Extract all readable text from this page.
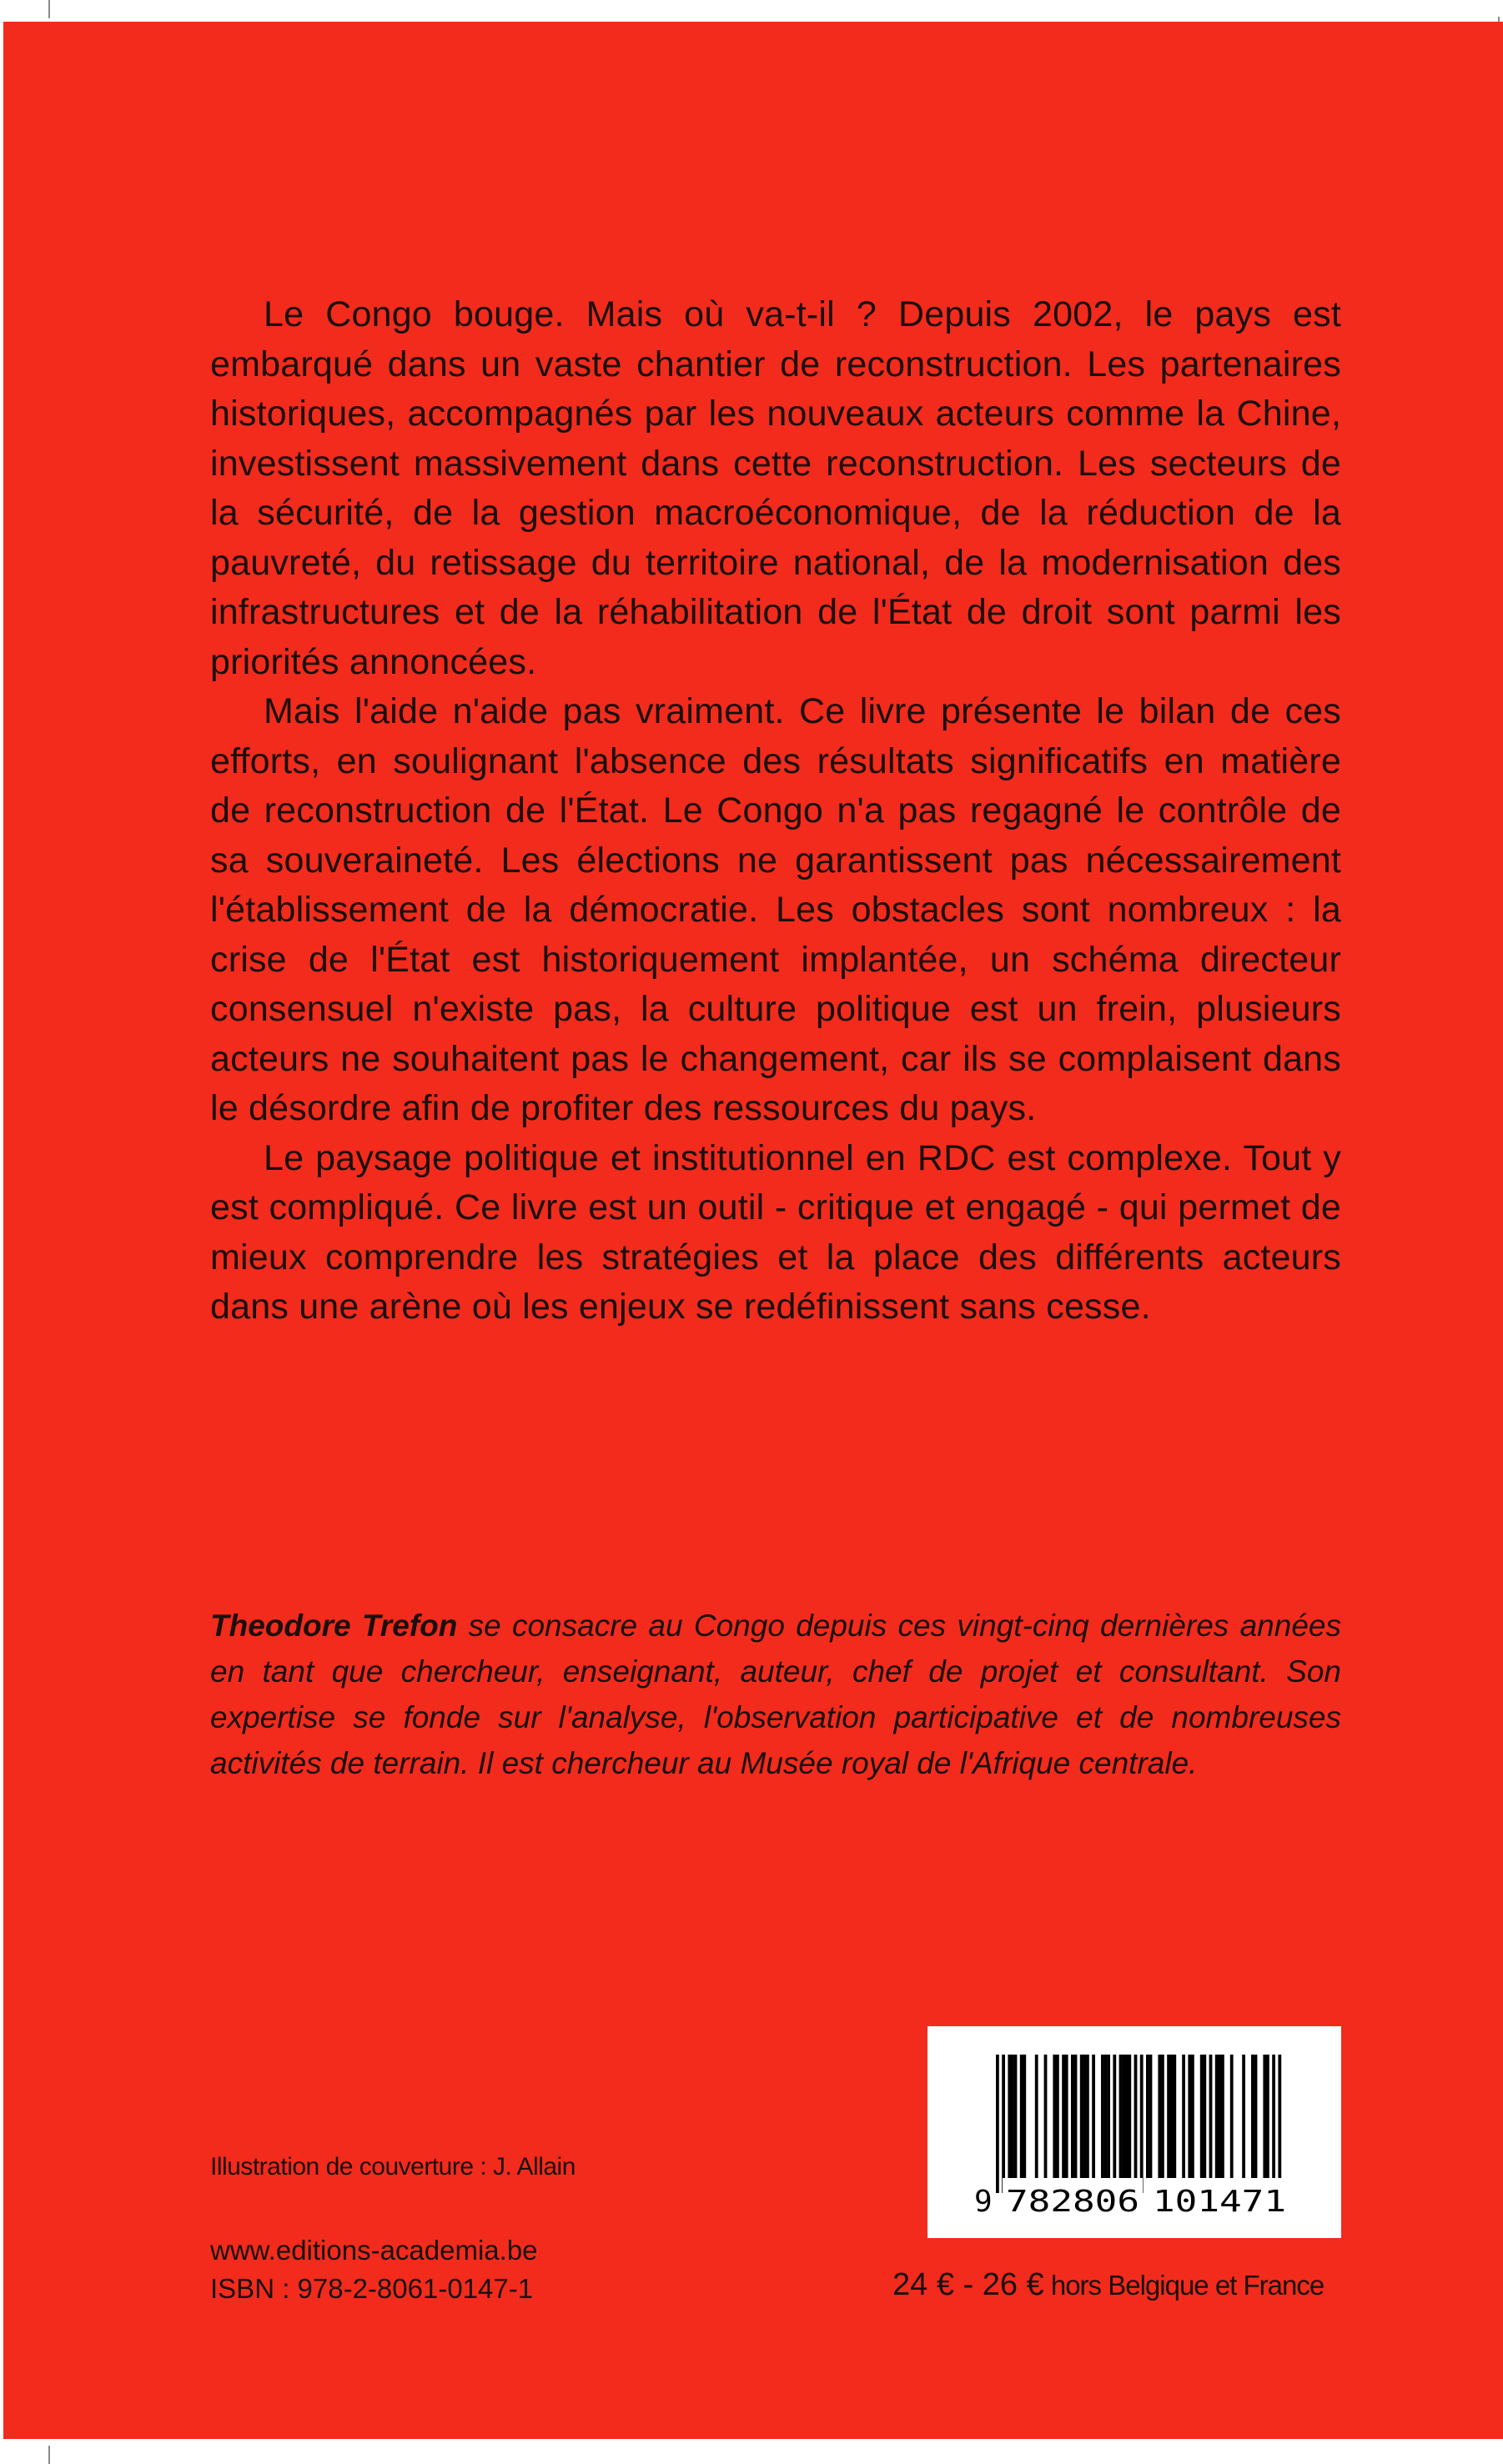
Le Congo bouge. Mais où va-t-il ? Depuis 2002, le pays est embarqué dans un vaste chantier de reconstruction. Les partenaires historiques, accompagnés par les nouveaux acteurs comme la Chine, investissent massivement dans cette reconstruction. Les secteurs de la sécurité, de la gestion macroéconomique, de la réduction de la pauvreté, du retissage du territoire national, de la modernisation des infrastructures et de la réhabilitation de l'État de droit sont parmi les priorités annoncées.

Mais l'aide n'aide pas vraiment. Ce livre présente le bilan de ces efforts, en soulignant l'absence des résultats significatifs en matière de reconstruction de l'État. Le Congo n'a pas regagné le contrôle de sa souveraineté. Les élections ne garantissent pas nécessairement l'établissement de la démocratie. Les obstacles sont nombreux : la crise de l'État est historiquement implantée, un schéma directeur consensuel n'existe pas, la culture politique est un frein, plusieurs acteurs ne souhaitent pas le changement, car ils se complaisent dans le désordre afin de profiter des ressources du pays.

Le paysage politique et institutionnel en RDC est complexe. Tout y est compliqué. Ce livre est un outil - critique et engagé - qui permet de mieux comprendre les stratégies et la place des différents acteurs dans une arène où les enjeux se redéfinissent sans cesse.

Theodore Trefon se consacre au Congo depuis ces vingt-cinq dernières années en tant que chercheur, enseignant, auteur, chef de projet et consultant. Son expertise se fonde sur l'analyse, l'observation participative et de nombreuses activités de terrain. Il est chercheur au Musée royal de l'Afrique centrale.

Illustration de couverture : J. Allain
www.editions-academia.be
ISBN : 978-2-8061-0147-1
9 782806 101471
24 € - 26 € hors Belgique et France
